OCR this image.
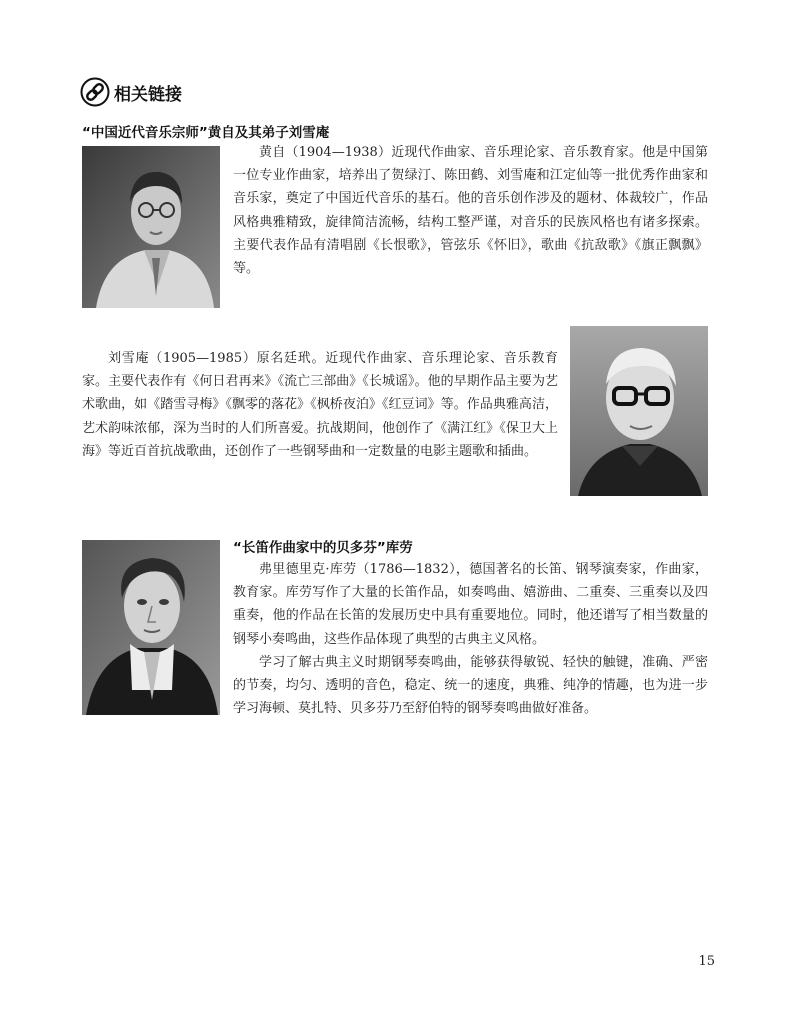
相关链接
“中国近代音乐宗师”黄自及其弟子刘雪庵

黄自（1904—1938）近现代作曲家、音乐理论家、音乐教育家。他是中国第一位专业作曲家，培养出了贺绿汀、陈田鹤、刘雪庵和江定仙等一批优秀作曲家和音乐家，奠定了中国近代音乐的基石。他的音乐创作涉及的题材、体裁较广，作品风格典雅精致，旋律简洁流畅，结构工整严谨，对音乐的民族风格也有诸多探索。主要代表作品有清唱剧《长恨歌》，管弦乐《怀旧》，歌曲《抗敌歌》《旗正飘飘》等。

刘雪庵（1905—1985）原名廷玳。近现代作曲家、音乐理论家、音乐教育家。主要代表作有《何日君再来》《流亡三部曲》《长城谣》。他的早期作品主要为艺术歌曲，如《踏雪寻梅》《飘零的落花》《枫桥夜泊》《红豆词》等。作品典雅高洁，艺术韵味浓郁，深为当时的人们所喜爱。抗战期间，他创作了《满江红》《保卫大上海》等近百首抗战歌曲，还创作了一些钢琴曲和一定数量的电影主题歌和插曲。

“长笛作曲家中的贝多芬”库劳

弗里德里克·库劳（1786—1832），德国著名的长笛、钢琴演奏家，作曲家，教育家。库劳写作了大量的长笛作品，如奏鸣曲、嬉游曲、二重奏、三重奏以及四重奏，他的作品在长笛的发展历史中具有重要地位。同时，他还谱写了相当数量的钢琴小奏鸣曲，这些作品体现了典型的古典主义风格。

学习了解古典主义时期钢琴奏鸣曲，能够获得敏锐、轻快的触键，准确、严密的节奏，均匀、透明的音色，稳定、统一的速度，典雅、纯净的情趣，也为进一步学习海顿、莫扎特、贝多芬乃至舒伯特的钢琴奏鸣曲做好准备。

15
